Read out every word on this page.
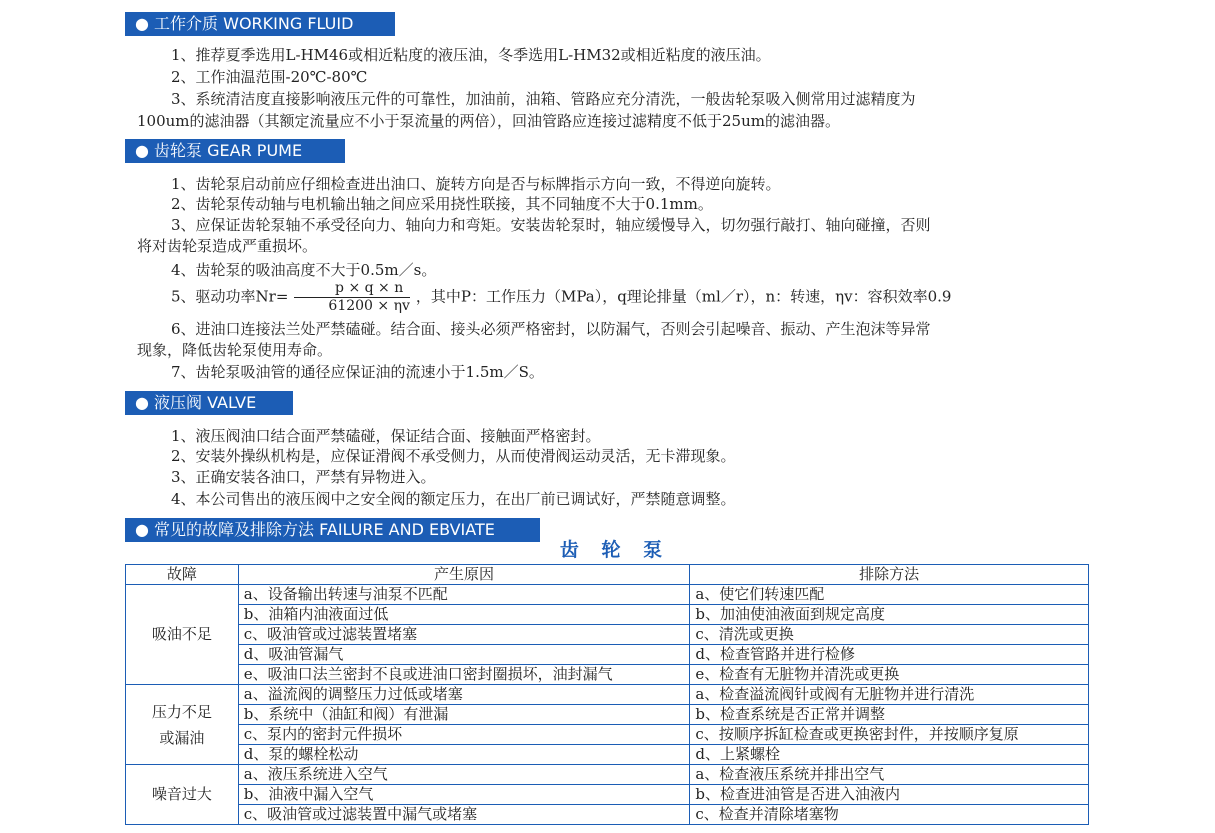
● 工作介质 WORKING FLUID
1、推荐夏季选用L-HM46或相近粘度的液压油，冬季选用L-HM32或相近粘度的液压油。
2、工作油温范围-20℃-80℃
3、系统清洁度直接影响液压元件的可靠性，加油前，油箱、管路应充分清洗，一般齿轮泵吸入侧常用过滤精度为
100um的滤油器（其额定流量应不小于泵流量的两倍），回油管路应连接过滤精度不低于25um的滤油器。
● 齿轮泵 GEAR PUME
1、齿轮泵启动前应仔细检查进出油口、旋转方向是否与标牌指示方向一致，不得逆向旋转。
2、齿轮泵传动轴与电机输出轴之间应采用挠性联接，其不同轴度不大于0.1mm。
3、应保证齿轮泵轴不承受径向力、轴向力和弯矩。安装齿轮泵时，轴应缓慢导入，切勿强行敲打、轴向碰撞，否则
将对齿轮泵造成严重损坏。
4、齿轮泵的吸油高度不大于0.5m／s。
5、驱动功率$Nr= \frac{p \times q \times n}{61200 \times \eta v}$ ，其中P：工作压力（MPa），q理论排量（ml／r），n：转速，ηv：容积效率0.9
6、进油口连接法兰处严禁磕碰。结合面、接头必须严格密封，以防漏气，否则会引起噪音、振动、产生泡沫等异常
现象，降低齿轮泵使用寿命。
7、齿轮泵吸油管的通径应保证油的流速小于1.5m／S。
● 液压阀 VALVE
1、液压阀油口结合面严禁磕碰，保证结合面、接触面严格密封。
2、安装外操纵机构是，应保证滑阀不承受侧力，从而使滑阀运动灵活，无卡滞现象。
3、正确安装各油口，严禁有异物进入。
4、本公司售出的液压阀中之安全阀的额定压力，在出厂前已调试好，严禁随意调整。
● 常见的故障及排除方法 FAILURE AND EBVIATE
齿 轮 泵
故障	产生原因	排除方法
吸油不足	a、设备输出转速与油泵不匹配	a、使它们转速匹配
	b、油箱内油液面过低	b、加油使油液面到规定高度
	c、吸油管或过滤装置堵塞	c、清洗或更换
	d、吸油管漏气	d、检查管路并进行检修
	e、吸油口法兰密封不良或进油口密封圈损坏，油封漏气	e、检查有无脏物并清洗或更换

压力不足
或漏油	a、溢流阀的调整压力过低或堵塞	a、检查溢流阀针或阀有无脏物并进行清洗
	b、系统中（油缸和阀）有泄漏	b、检查系统是否正常并调整
	c、泵内的密封元件损坏	c、按顺序拆缸检查或更换密封件，并按顺序复原
	d、泵的螺栓松动	d、上紧螺栓
噪音过大	a、液压系统进入空气	a、检查液压系统并排出空气
	b、油液中漏入空气	b、检查进油管是否进入油液内
	c、吸油管或过滤装置中漏气或堵塞	c、检查并清除堵塞物
